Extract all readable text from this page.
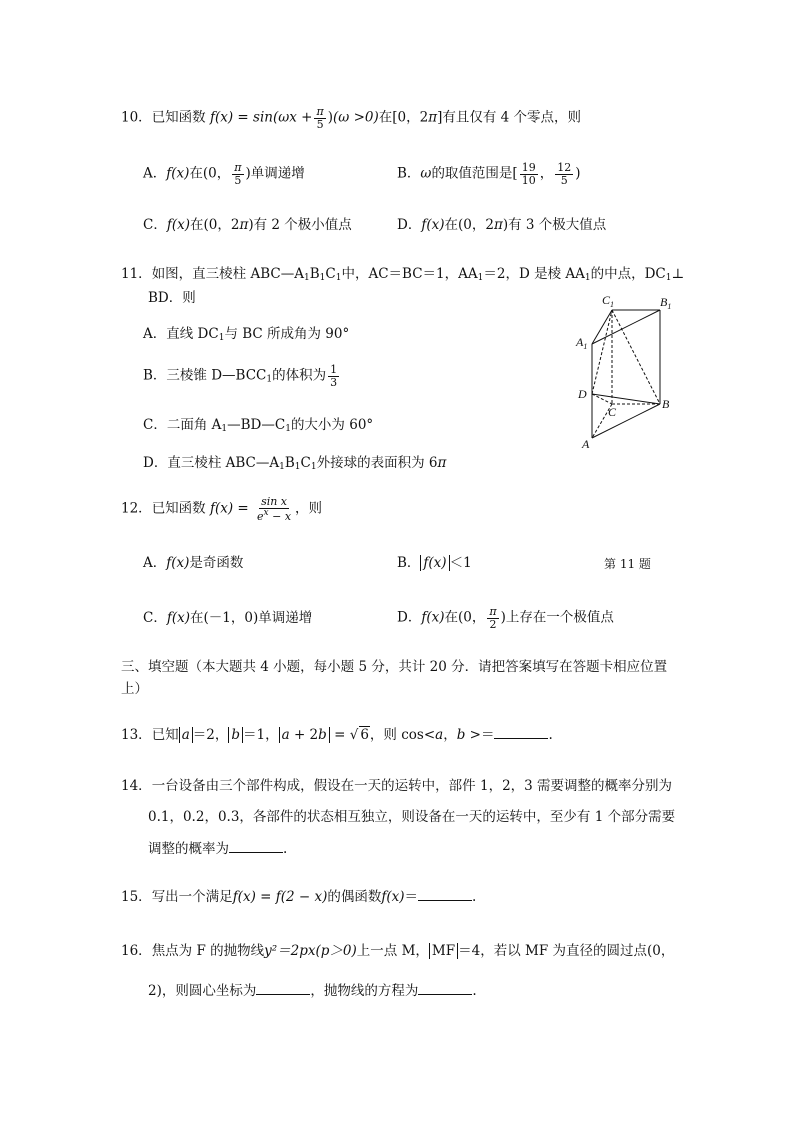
10．已知函数 $f(x) = \sin(\omega x + \frac{\pi}{5} )(\omega >0)$在[0，2π]有且仅有 4 个零点，则
A．f(x)在(0， $\frac{\pi}{5}$ )单调递增	B．ω的取值范围是[ $\frac{19}{10}$ ， $\frac{12}{5}$ )
C．f(x)在(0，2π)有 2 个极小值点	D．f(x)在(0，2π)有 3 个极大值点
11．如图，直三棱柱 $ABC—A_1B_1C_1$中，AC＝BC＝1，$AA_1=2$，D 是棱 $AA_1$的中点，$DC_1\perp$
BD．则
A．直线 $DC_1$与 BC 所成角为 90°
B．三棱锥 $D—BCC_1$的体积为 $\frac{1}{3}$
C．二面角 $A_1—BD—C_1$的大小为 60°
D．直三棱柱 $ABC—A_1B_1C_1$外接球的表面积为 6π
$C_1$	$B_1$
$A_1$
D
C
B
A
12．已知函数 $f(x) = \frac{\text{sin x}}{e^x - x}$ ，则
A．f(x)是奇函数	B． f(x) ＜1	第 11 题
C．f(x)在(－1，0)单调递增	D．f(x)在(0， $\frac{\pi}{2}$ )上存在一个极值点
三、填空题（本大题共 4 小题，每小题 5 分，共计 20 分．请把答案填写在答题卡相应位置
上）
13．已知 a ＝2， b ＝1， a + 2b = √ 6，则 cos<a，b >＝	.
14．一台设备由三个部件构成，假设在一天的运转中，部件 1，2，3 需要调整的概率分别为
0.1，0.2，0.3，各部件的状态相互独立，则设备在一天的运转中，至少有 1 个部分需要
调整的概率为	.
15．写出一个满足f(x) = f(2 − x)的偶函数f(x)＝	.
16．焦点为 F 的抛物线y²＝2px(p＞0)上一点 M， MF ＝4，若以 MF 为直径的圆过点(0，
2)，则圆心坐标为	，抛物线的方程为	.
